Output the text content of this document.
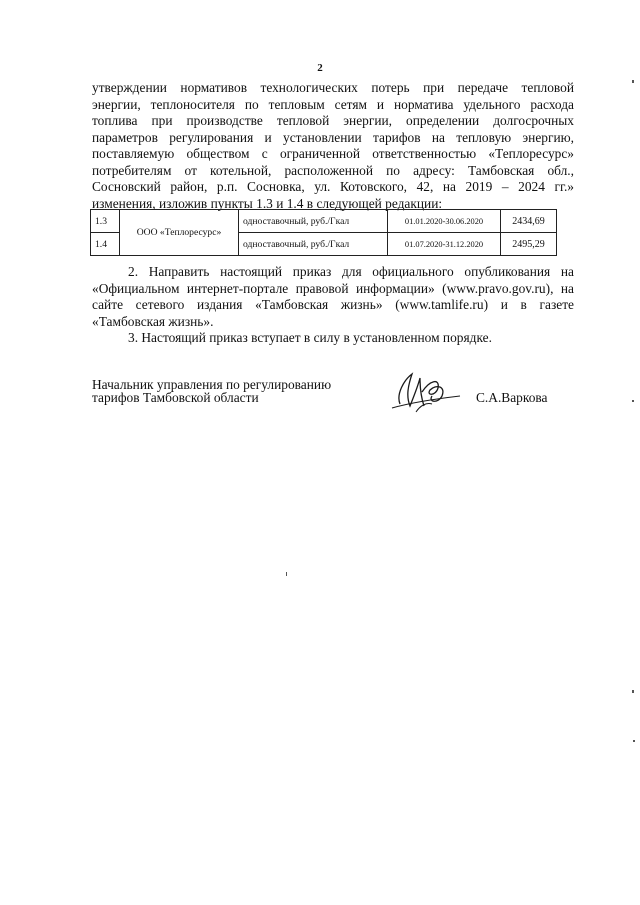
2
утверждении нормативов технологических потерь при передаче тепловой
энергии, теплоносителя по тепловым сетям и норматива удельного расхода
топлива при производстве тепловой энергии, определении долгосрочных
параметров регулирования и установлении тарифов на тепловую энергию,
поставляемую обществом с ограниченной ответственностью «Теплоресурс»
потребителям от котельной, расположенной по адресу: Тамбовская обл.,
Сосновский район, р.п. Сосновка, ул. Котовского, 42, на 2019 – 2024 гг.»
изменения, изложив пункты 1.3 и 1.4 в следующей редакции:
1.3	ООО «Теплоресурс»	одноставочный, руб./Гкал	01.01.2020-30.06.2020	2434,69
1.4		одноставочный, руб./Гкал	01.07.2020-31.12.2020	2495,29
2. Направить настоящий приказ для официального опубликования на «Официальном интернет-портале правовой информации» (www.pravo.gov.ru), на сайте сетевого издания «Тамбовская жизнь» (www.tamlife.ru) и в газете «Тамбовская жизнь».
3. Настоящий приказ вступает в силу в установленном порядке.
Начальник управления по регулированию
тарифов Тамбовской области	С.А.Варкова
